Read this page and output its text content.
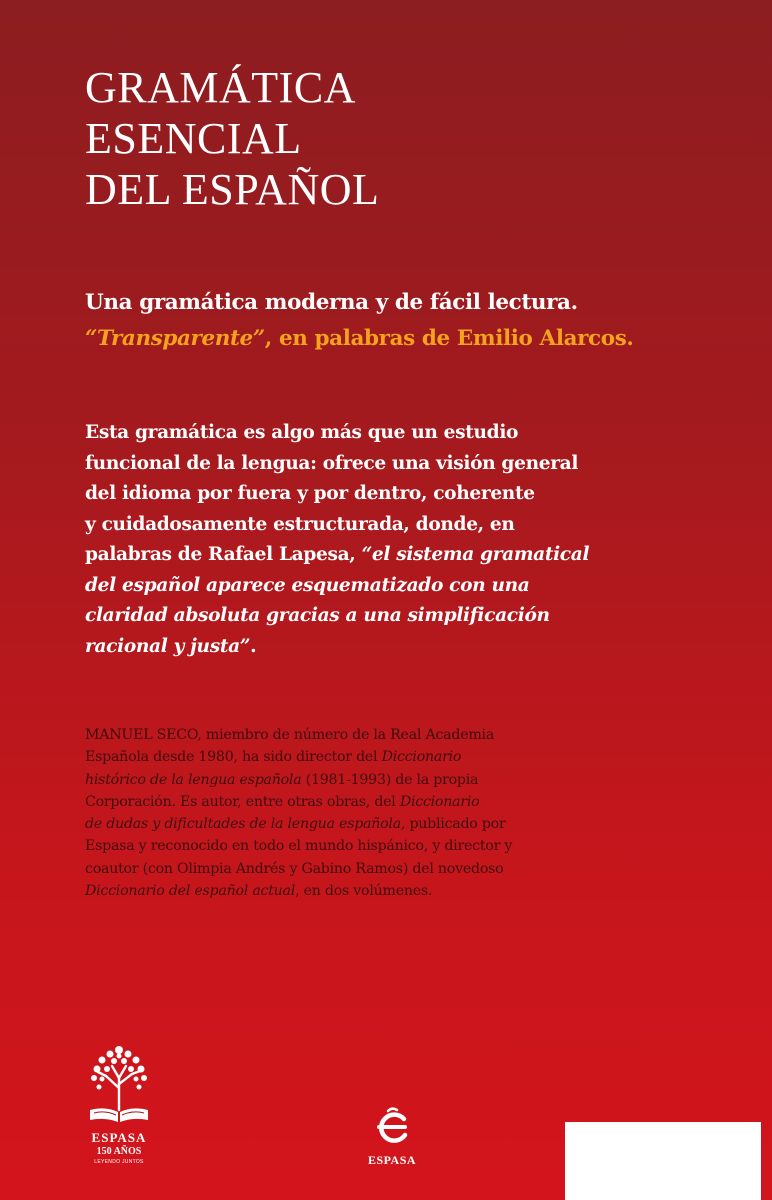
GRAMÁTICA
ESENCIAL
DEL ESPAÑOL
Una gramática moderna y de fácil lectura.
“Transparente”, en palabras de Emilio Alarcos.
Esta gramática es algo más que un estudio
funcional de la lengua: ofrece una visión general
del idioma por fuera y por dentro, coherente
y cuidadosamente estructurada, donde, en
palabras de Rafael Lapesa, “el sistema gramatical
del español aparece esquematizado con una
claridad absoluta gracias a una simplificación
racional y justa”.
MANUEL SECO, miembro de número de la Real Academia
Española desde 1980, ha sido director del Diccionario
histórico de la lengua española (1981-1993) de la propia
Corporación. Es autor, entre otras obras, del Diccionario
de dudas y dificultades de la lengua española, publicado por
Espasa y reconocido en todo el mundo hispánico, y director y
coautor (con Olimpia Andrés y Gabino Ramos) del novedoso
Diccionario del español actual, en dos volúmenes.
ESPASA
150 AÑOS
LEYENDO JUNTOS	ESPASA
